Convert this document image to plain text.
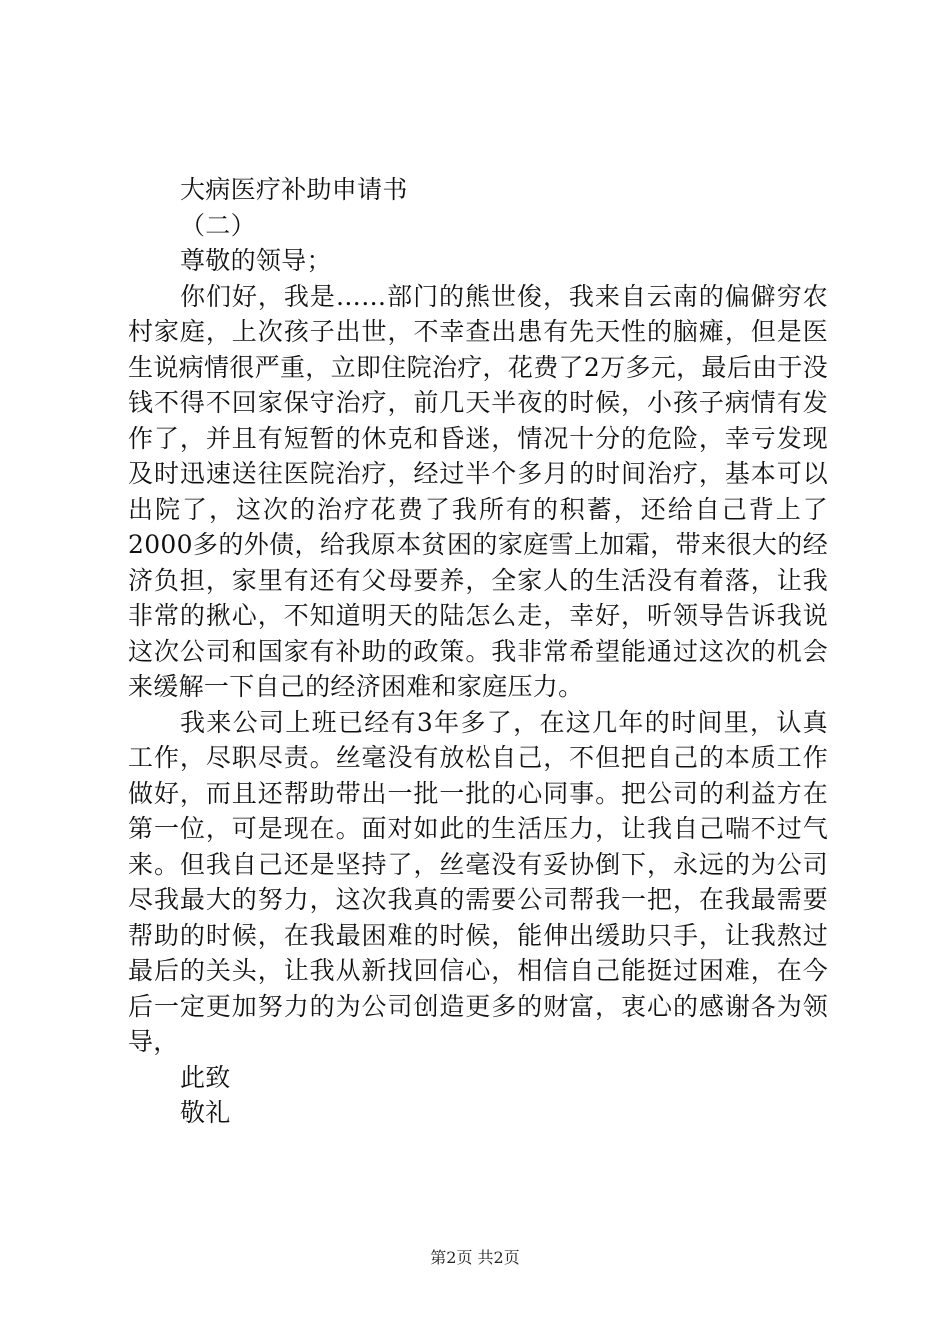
大病医疗补助申请书

（二）

尊敬的领导；

你们好，我是……部门的熊世俊，我来自云南的偏僻穷农村家庭，上次孩子出世，不幸查出患有先天性的脑瘫，但是医生说病情很严重，立即住院治疗，花费了2万多元，最后由于没钱不得不回家保守治疗，前几天半夜的时候，小孩子病情有发作了，并且有短暂的休克和昏迷，情况十分的危险，幸亏发现及时迅速送往医院治疗，经过半个多月的时间治疗，基本可以出院了，这次的治疗花费了我所有的积蓄，还给自己背上了2000多的外债，给我原本贫困的家庭雪上加霜，带来很大的经济负担，家里有还有父母要养，全家人的生活没有着落，让我非常的揪心，不知道明天的陆怎么走，幸好，听领导告诉我说这次公司和国家有补助的政策。我非常希望能通过这次的机会来缓解一下自己的经济困难和家庭压力。

我来公司上班已经有3年多了，在这几年的时间里，认真工作，尽职尽责。丝毫没有放松自己，不但把自己的本质工作做好，而且还帮助带出一批一批的心同事。把公司的利益方在第一位，可是现在。面对如此的生活压力，让我自己喘不过气来。但我自己还是坚持了，丝毫没有妥协倒下，永远的为公司尽我最大的努力，这次我真的需要公司帮我一把，在我最需要帮助的时候，在我最困难的时候，能伸出缓助只手，让我熬过最后的关头，让我从新找回信心，相信自己能挺过困难，在今后一定更加努力的为公司创造更多的财富，衷心的感谢各为领导，

此致

敬礼

第2页 共2页
